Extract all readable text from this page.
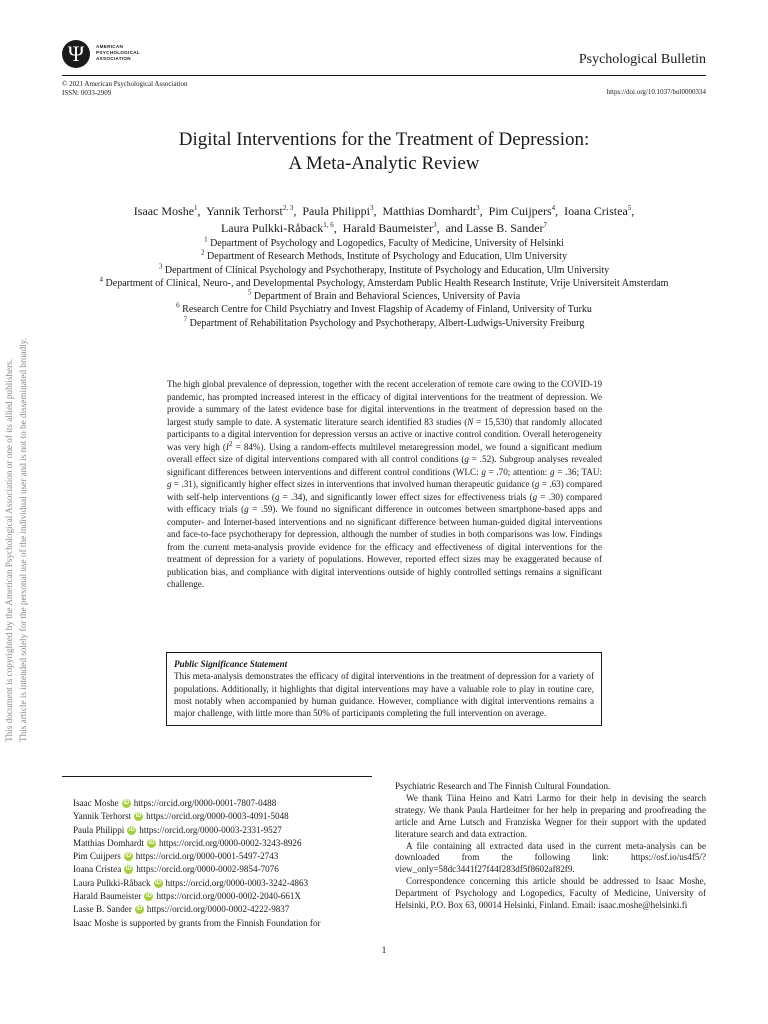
Ψ	AMERICAN
PSYCHOLOGICAL
ASSOCIATION	Psychological Bulletin
© 2021 American Psychological Association
ISSN: 0033-2909	https://doi.org/10.1037/bul0000334
Digital Interventions for the Treatment of Depression:
A Meta-Analytic Review
Isaac Moshe$^1$,  Yannik Terhorst$^{2, 3}$,  Paula Philippi$^3$,  Matthias Domhardt$^3$,  Pim Cuijpers$^4$,  Ioana Cristea$^5$,
Laura Pulkki-Råback$^{1, 6}$,  Harald Baumeister$^3$,  and Lasse B. Sander$^7$
$^1$ Department of Psychology and Logopedics, Faculty of Medicine, University of Helsinki
$^2$ Department of Research Methods, Institute of Psychology and Education, Ulm University
$^3$ Department of Clinical Psychology and Psychotherapy, Institute of Psychology and Education, Ulm University
$^4$ Department of Clinical, Neuro-, and Developmental Psychology, Amsterdam Public Health Research Institute, Vrije Universiteit Amsterdam
$^5$ Department of Brain and Behavioral Sciences, University of Pavia
$^6$ Research Centre for Child Psychiatry and Invest Flagship of Academy of Finland, University of Turku
$^7$ Department of Rehabilitation Psychology and Psychotherapy, Albert-Ludwigs-University Freiburg

The high global prevalence of depression, together with the recent acceleration of remote care owing to the COVID-19 pandemic, has prompted increased interest in the efficacy of digital interventions for the treatment of depression. We provide a summary of the latest evidence base for digital interventions in the treatment of depression based on the largest study sample to date. A systematic literature search identified 83 studies (N = 15,530) that randomly allocated participants to a digital intervention for depression versus an active or inactive control condition. Overall heterogeneity was very high $(I^2 = 84\%)$. Using a random-effects multilevel metaregression model, we found a significant medium overall effect size of digital interventions compared with all control conditions (g = .52). Subgroup analyses revealed significant differences between interventions and different control conditions (WLC: g = .70; attention: g = .36; TAU: g = .31), significantly higher effect sizes in interventions that involved human therapeutic guidance (g = .63) compared with self-help interventions (g = .34), and significantly lower effect sizes for effectiveness trials (g = .30) compared with efficacy trials (g = .59). We found no significant difference in outcomes between smartphone-based apps and computer- and Internet-based interventions and no significant difference between human-guided digital interventions and face-to-face psychotherapy for depression, although the number of studies in both comparisons was low. Findings from the current meta-analysis provide evidence for the efficacy and effectiveness of digital interventions for the treatment of depression for a variety of populations. However, reported effect sizes may be exaggerated because of publication bias, and compliance with digital interventions outside of highly controlled settings remains a significant challenge.

Public Significance Statement
This meta-analysis demonstrates the efficacy of digital interventions in the treatment of depression for a variety of populations. Additionally, it highlights that digital interventions may have a valuable role to play in routine care, most notably when accompanied by human guidance. However, compliance with digital interventions remains a major challenge, with little more than 50% of participants completing the full intervention on average.
This document is copyrighted by the American Psychological Association or one of its allied publishers. This article is intended solely for the personal use of the individual user and is not to be disseminated broadly.
Isaac Moshe iD https://orcid.org/0000-0001-7807-0488
Yannik Terhorst iD https://orcid.org/0000-0003-4091-5048
Paula Philippi iD https://orcid.org/0000-0003-2331-9527
Matthias Domhardt iD https://orcid.org/0000-0002-3243-8926
Pim Cuijpers iD https://orcid.org/0000-0001-5497-2743
Ioana Cristea iD https://orcid.org/0000-0002-9854-7076
Laura Pulkki-Råback iD https://orcid.org/0000-0003-3242-4863
Harald Baumeister iD https://orcid.org/0000-0002-2040-661X
Lasse B. Sander iD https://orcid.org/0000-0002-4222-9837
Isaac Moshe is supported by grants from the Finnish Foundation for

Psychiatric Research and The Finnish Cultural Foundation.

We thank Tiina Heino and Katri Larmo for their help in devising the search strategy. We thank Paula Hartleitner for her help in preparing and proofreading the article and Arne Lutsch and Franziska Wegner for their support with the updated literature search and data extraction.

A file containing all extracted data used in the current meta-analysis can be downloaded from the following link: https://osf.io/us4f5/?view_only=58dc3441f27f44f283df5f8602af82f9.

Correspondence concerning this article should be addressed to Isaac Moshe, Department of Psychology and Logopedics, Faculty of Medicine, University of Helsinki, P.O. Box 63, 00014 Helsinki, Finland. Email: isaac.moshe@helsinki.fi

1
